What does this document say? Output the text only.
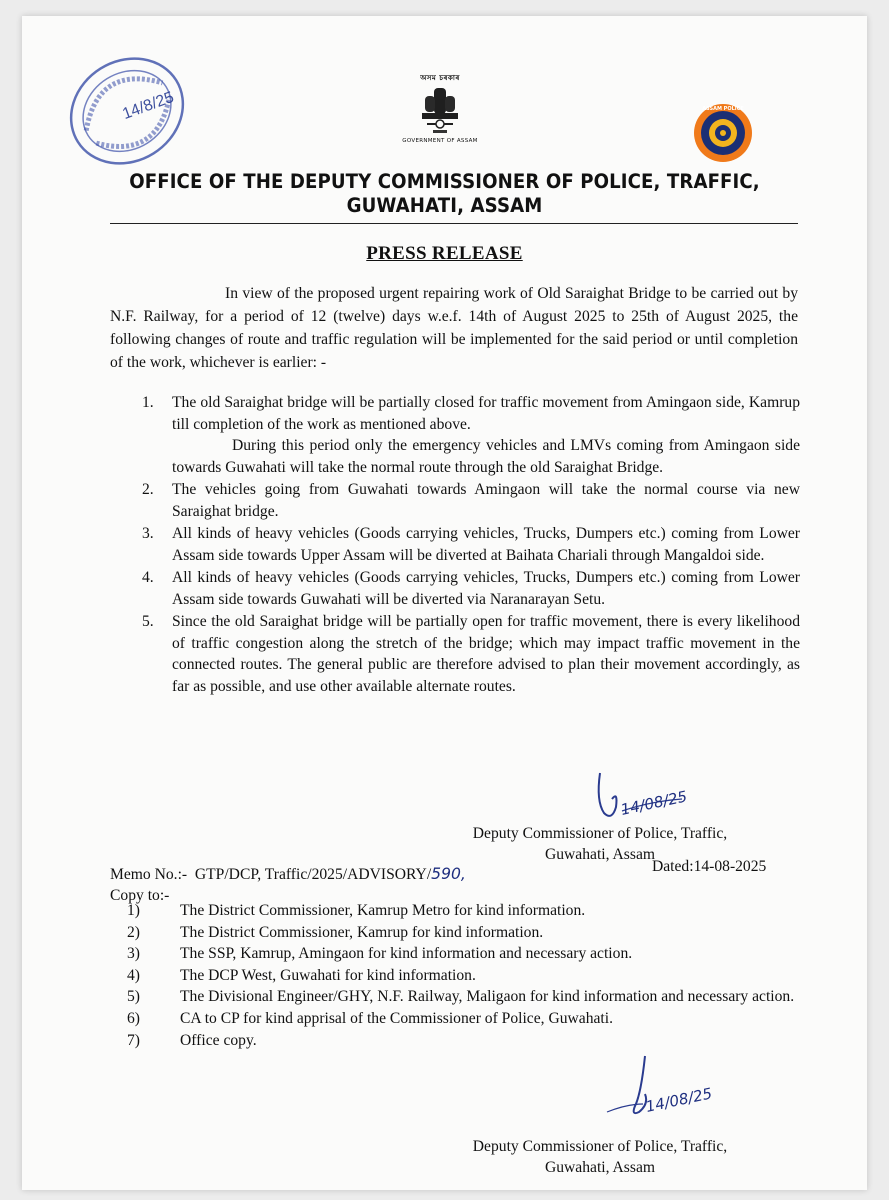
14/8/25
অসম চৰকাৰ
GOVERNMENT OF ASSAM
ASSAM POLICE
OFFICE OF THE DEPUTY COMMISSIONER OF POLICE, TRAFFIC,
GUWAHATI, ASSAM
PRESS RELEASE

In view of the proposed urgent repairing work of Old Saraighat Bridge to be carried out by N.F. Railway, for a period of 12 (twelve) days w.e.f. 14th of August 2025 to 25th of August 2025, the following changes of route and traffic regulation will be implemented for the said period or until completion of the work, whichever is earlier: -

1. The old Saraighat bridge will be partially closed for traffic movement from Amingaon side, Kamrup till completion of the work as mentioned above.
During this period only the emergency vehicles and LMVs coming from Amingaon side towards Guwahati will take the normal route through the old Saraighat Bridge.
2. The vehicles going from Guwahati towards Amingaon will take the normal course via new Saraighat bridge.
3. All kinds of heavy vehicles (Goods carrying vehicles, Trucks, Dumpers etc.) coming from Lower Assam side towards Upper Assam will be diverted at Baihata Chariali through Mangaldoi side.
4. All kinds of heavy vehicles (Goods carrying vehicles, Trucks, Dumpers etc.) coming from Lower Assam side towards Guwahati will be diverted via Naranarayan Setu.
5. Since the old Saraighat bridge will be partially open for traffic movement, there is every likelihood of traffic congestion along the stretch of the bridge; which may impact traffic movement in the connected routes. The general public are therefore advised to plan their movement accordingly, as far as possible, and use other available alternate routes.
14/08/25
Deputy Commissioner of Police, Traffic,
Guwahati, Assam
Memo No.:- GTP/DCP, Traffic/2025/ADVISORY/590,	Dated:14-08-2025
Copy to:-
1)	The District Commissioner, Kamrup Metro for kind information.
2)	The District Commissioner, Kamrup for kind information.
3)	The SSP, Kamrup, Amingaon for kind information and necessary action.
4)	The DCP West, Guwahati for kind information.
5)	The Divisional Engineer/GHY, N.F. Railway, Maligaon for kind information and necessary action.
6)	CA to CP for kind apprisal of the Commissioner of Police, Guwahati.
7)	Office copy.
14/08/25
Deputy Commissioner of Police, Traffic,
Guwahati, Assam
